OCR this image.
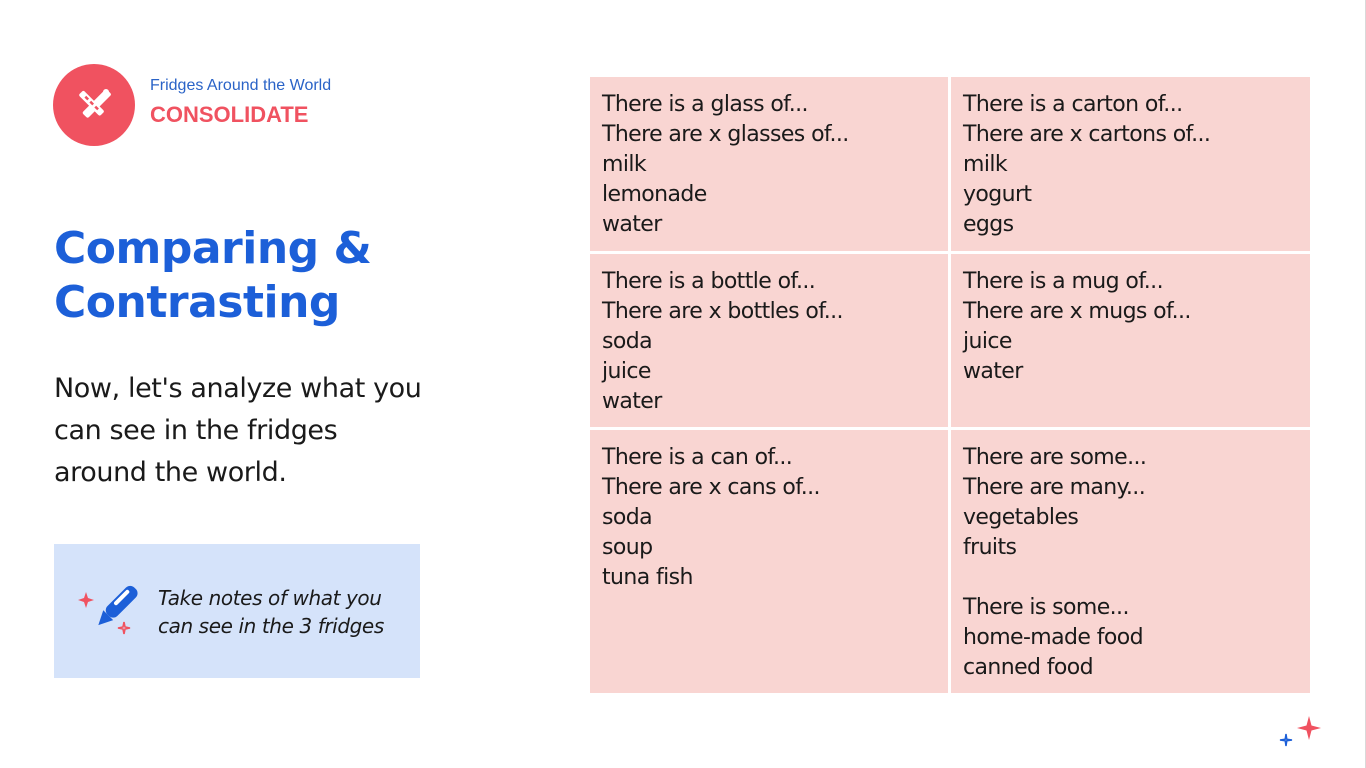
Fridges Around the World
CONSOLIDATE
Comparing &
Contrasting
Now, let's analyze what you can see in the fridges around the world.
Take notes of what you
can see in the 3 fridges
There is a glass of...
There are x glasses of...
milk
lemonade
water
There is a carton of...
There are x cartons of...
milk
yogurt
eggs
There is a bottle of...
There are x bottles of...
soda
juice
water
There is a mug of...
There are x mugs of...
juice
water
There is a can of...
There are x cans of...
soda
soup
tuna fish
There are some...
There are many...
vegetables
fruits
There is some...
home-made food
canned food
